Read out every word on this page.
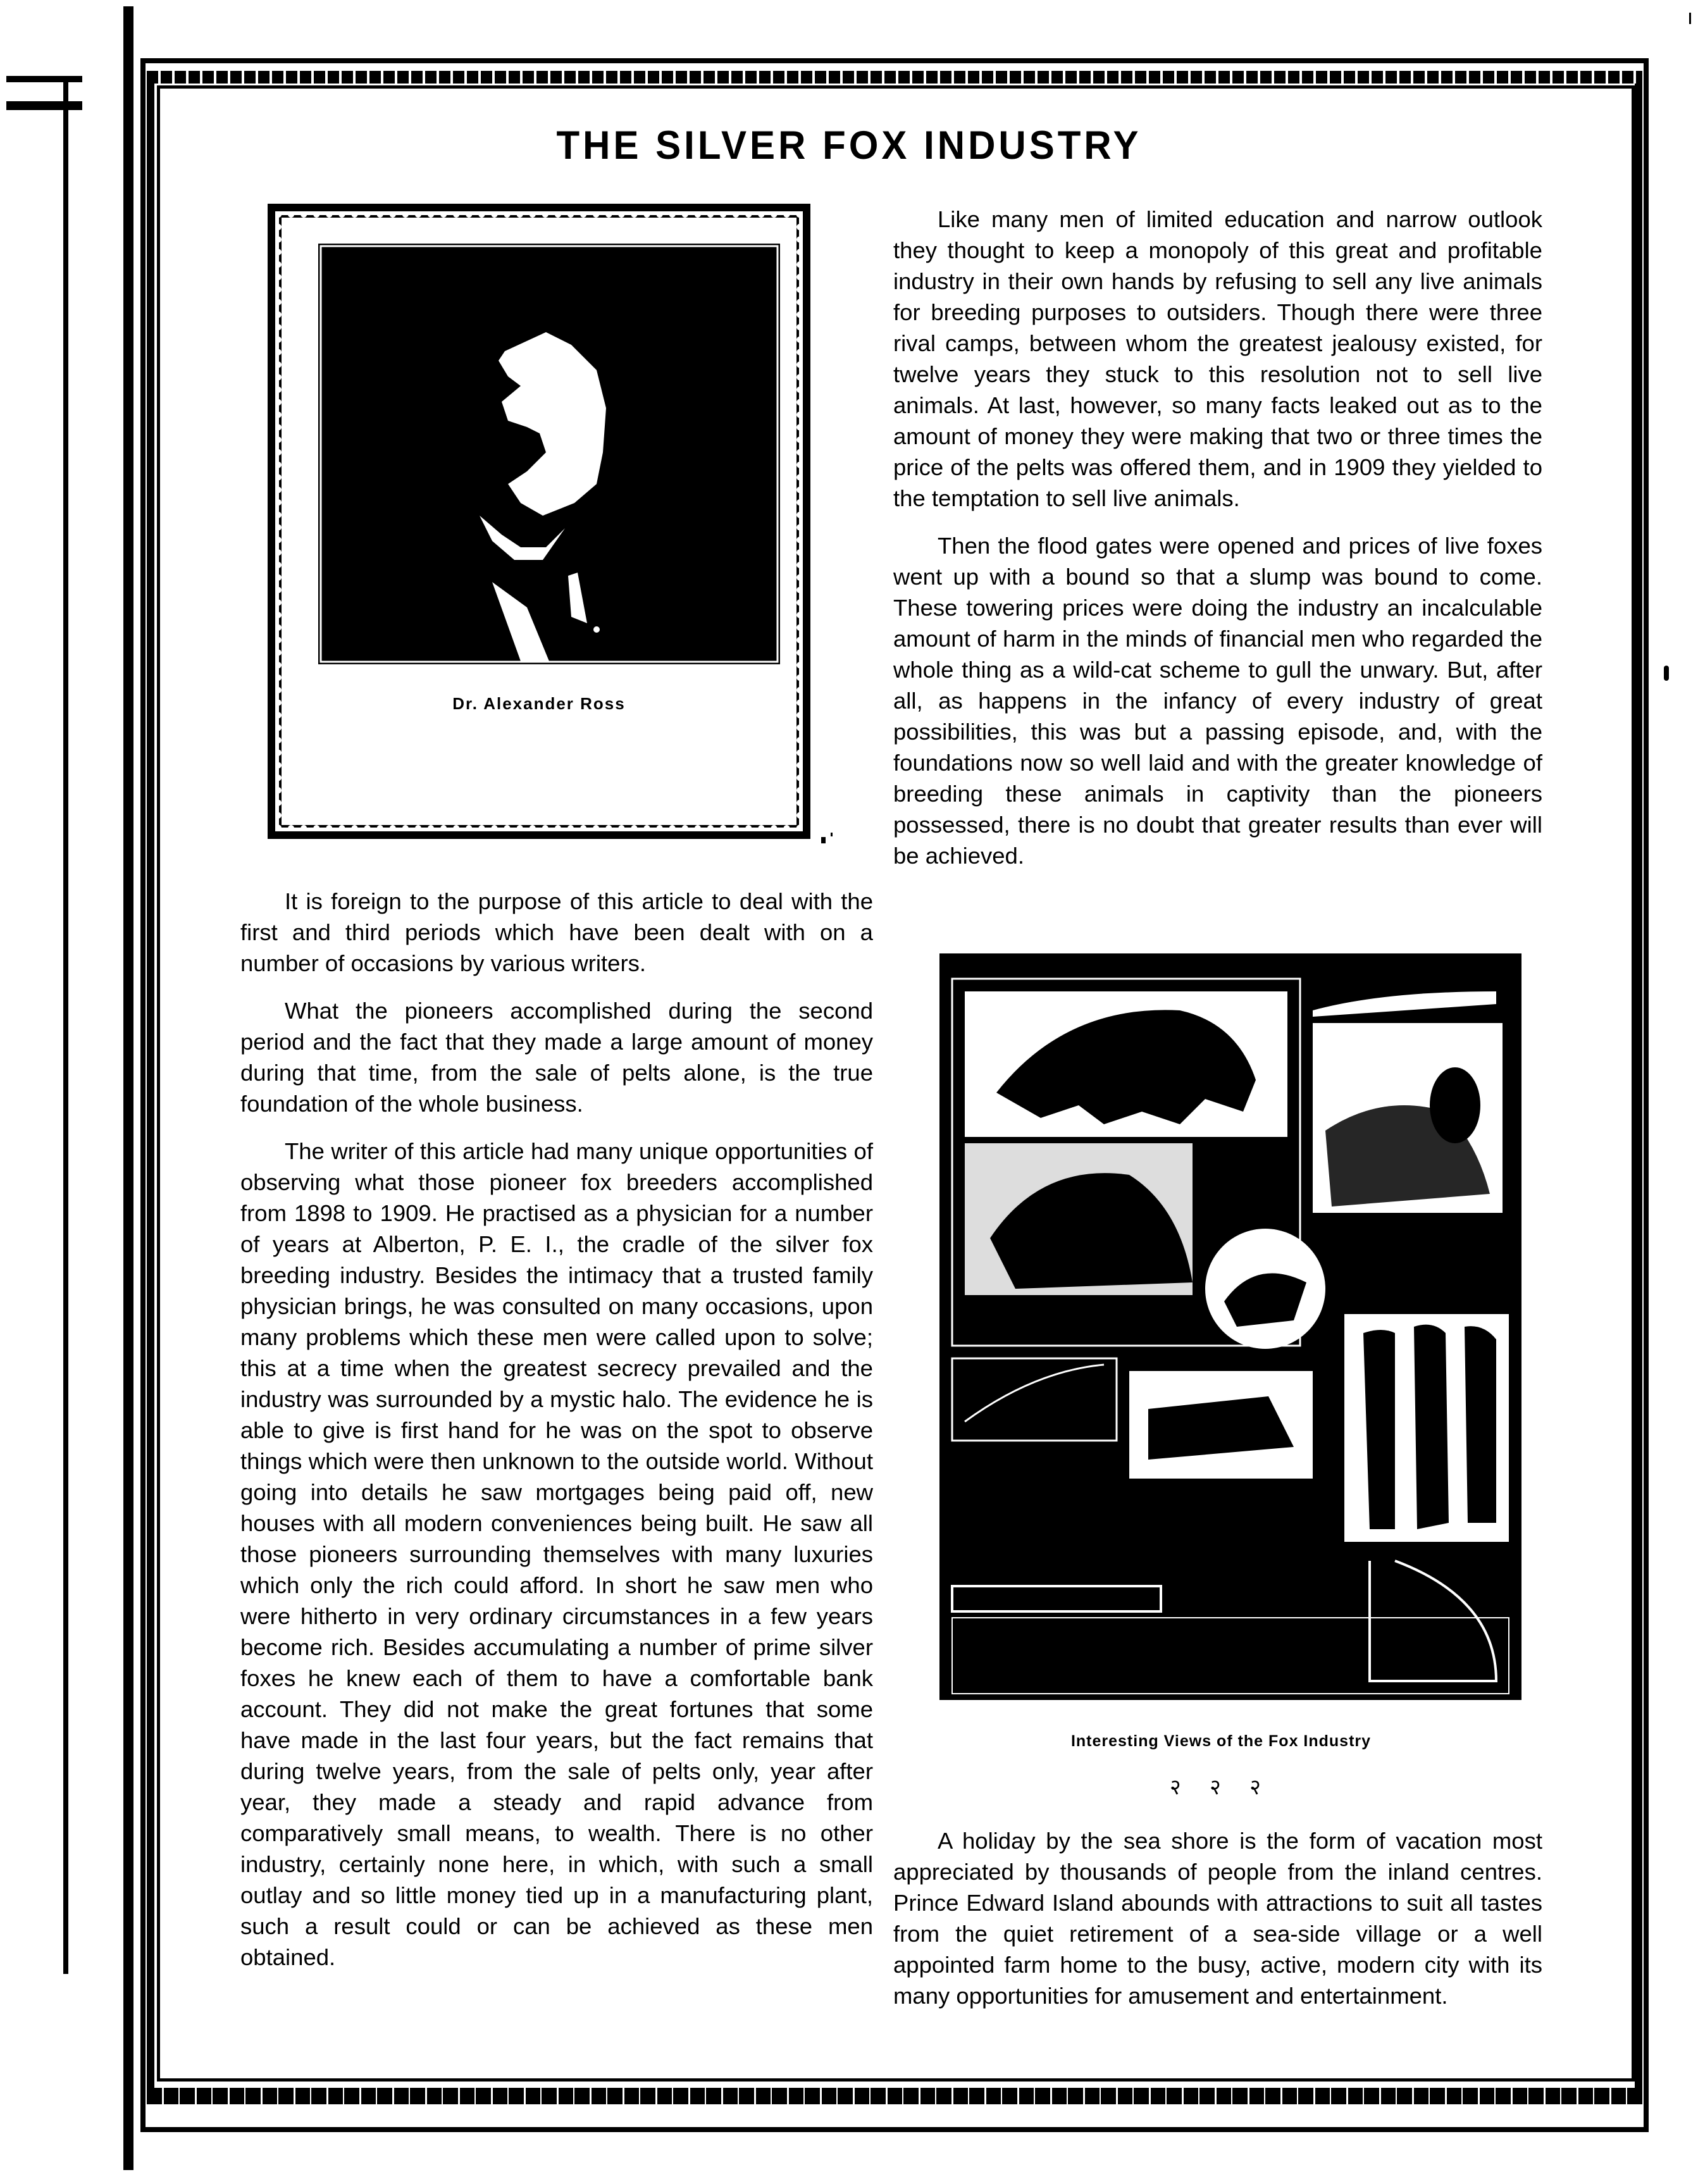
THE SILVER FOX INDUSTRY
Dr. Alexander Ross

It is foreign to the purpose of this article to deal with the first and third periods which have been dealt with on a number of occasions by various writers.

What the pioneers accomplished during the second period and the fact that they made a large amount of money during that time, from the sale of pelts alone, is the true foundation of the whole business.

The writer of this article had many unique opportunities of observing what those pioneer fox breeders accomplished from 1898 to 1909. He practised as a physician for a number of years at Alberton, P. E. I., the cradle of the silver fox breeding industry. Besides the intimacy that a trusted family physician brings, he was consulted on many occasions, upon many problems which these men were called upon to solve; this at a time when the greatest secrecy prevailed and the industry was surrounded by a mystic halo. The evidence he is able to give is first hand for he was on the spot to observe things which were then unknown to the outside world. Without going into details he saw mortgages being paid off, new houses with all modern conveniences being built. He saw all those pioneers surrounding themselves with many luxuries which only the rich could afford. In short he saw men who were hitherto in very ordinary circumstances in a few years become rich. Besides accumulating a number of prime silver foxes he knew each of them to have a comfortable bank account. They did not make the great fortunes that some have made in the last four years, but the fact remains that during twelve years, from the sale of pelts only, year after year, they made a steady and rapid advance from comparatively small means, to wealth. There is no other industry, certainly none here, in which, with such a small outlay and so little money tied up in a manufacturing plant, such a result could or can be achieved as these men obtained.

Like many men of limited education and narrow outlook they thought to keep a monopoly of this great and profitable industry in their own hands by refusing to sell any live animals for breeding purposes to outsiders. Though there were three rival camps, between whom the greatest jealousy existed, for twelve years they stuck to this resolution not to sell live animals. At last, however, so many facts leaked out as to the amount of money they were making that two or three times the price of the pelts was offered them, and in 1909 they yielded to the temptation to sell live animals.

Then the flood gates were opened and prices of live foxes went up with a bound so that a slump was bound to come. These towering prices were doing the industry an incalculable amount of harm in the minds of financial men who regarded the whole thing as a wild-cat scheme to gull the unwary. But, after all, as happens in the infancy of every industry of great possibilities, this was but a passing episode, and, with the foundations now so well laid and with the greater knowledge of breeding these animals in captivity than the pioneers possessed, there is no doubt that greater results than ever will be achieved.

Interesting Views of the Fox Industry
२ २ २

A holiday by the sea shore is the form of vacation most appreciated by thousands of people from the inland centres. Prince Edward Island abounds with attractions to suit all tastes from the quiet retirement of a sea-side village or a well appointed farm home to the busy, active, modern city with its many opportunities for amusement and entertainment.
